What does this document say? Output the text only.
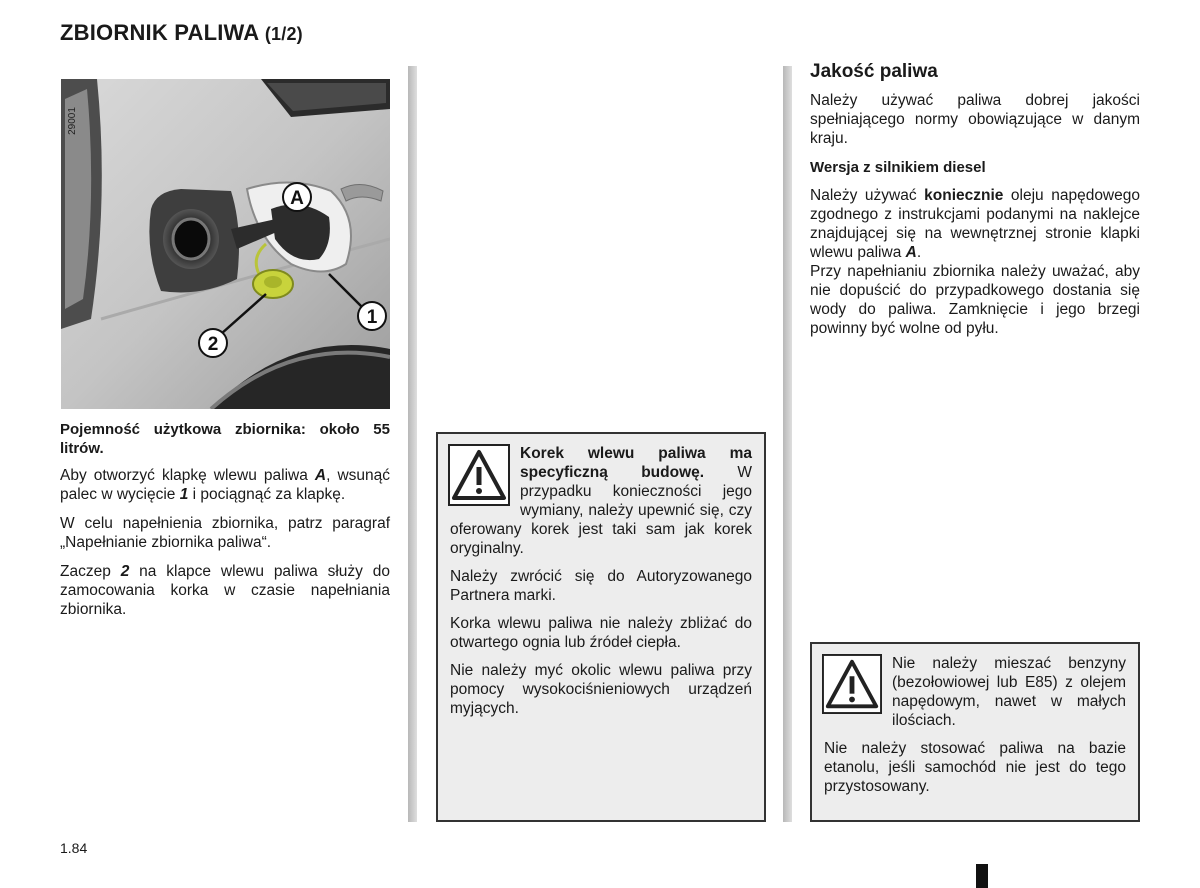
ZBIORNIK PALIWA (1/2)
A
1
2
29001

Pojemność użytkowa zbiornika: około 55 litrów.

Aby otworzyć klapkę wlewu paliwa A, wsunąć palec w wycięcie 1 i pociągnąć za klapkę.

W celu napełnienia zbiornika, patrz paragraf „Napełnianie zbiornika paliwa“.

Zaczep 2 na klapce wlewu paliwa służy do zamocowania korka w czasie napełniania zbiornika.

Korek wlewu paliwa ma specyficzną budowę. W przypadku konieczności jego wymiany, należy upewnić się, czy oferowany korek jest taki sam jak korek oryginalny.

Należy zwrócić się do Autoryzowanego Partnera marki.

Korka wlewu paliwa nie należy zbliżać do otwartego ognia lub źródeł ciepła.

Nie należy myć okolic wlewu paliwa przy pomocy wysokociśnieniowych urządzeń myjących.

Jakość paliwa

Należy używać paliwa dobrej jakości spełniającego normy obowiązujące w danym kraju.

Wersja z silnikiem diesel

Należy używać koniecznie oleju napędowego zgodnego z instrukcjami podanymi na naklejce znajdującej się na wewnętrznej stronie klapki wlewu paliwa A.

Przy napełnianiu zbiornika należy uważać, aby nie dopuścić do przypadkowego dostania się wody do paliwa. Zamknięcie i jego brzegi powinny być wolne od pyłu.

Nie należy mieszać benzyny (bezołowiowej lub E85) z olejem napędowym, nawet w małych ilościach.

Nie należy stosować paliwa na bazie etanolu, jeśli samochód nie jest do tego przystosowany.

1.84
